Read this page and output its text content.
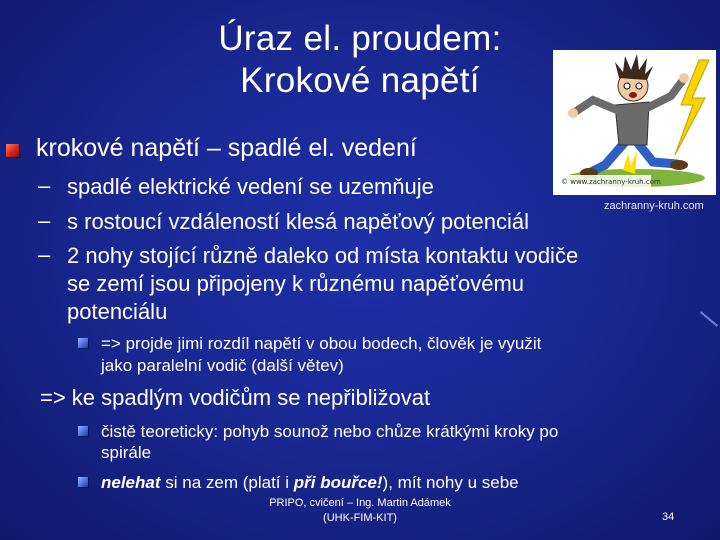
Úraz el. proudem:
Krokové napětí
© www.zachranny-kruh.com
zachranny-kruh.com
krokové napětí – spadlé el. vedení
– spadlé elektrické vedení se uzemňuje
– s rostoucí vzdáleností klesá napěťový potenciál
– 2 nohy stojící různě daleko od místa kontaktu vodiče
se zemí jsou připojeny k různému napěťovému
potenciálu
=> projde jimi rozdíl napětí v obou bodech, člověk je využit
jako paralelní vodič (další větev)
=> ke spadlým vodičům se nepřibližovat
čistě teoreticky: pohyb sounož nebo chůze krátkými kroky po
spirále
nelehat si na zem (platí i při bouřce!), mít nohy u sebe
PRIPO, cvičení – Ing. Martin Adámek
(UHK-FIM-KIT)	34
